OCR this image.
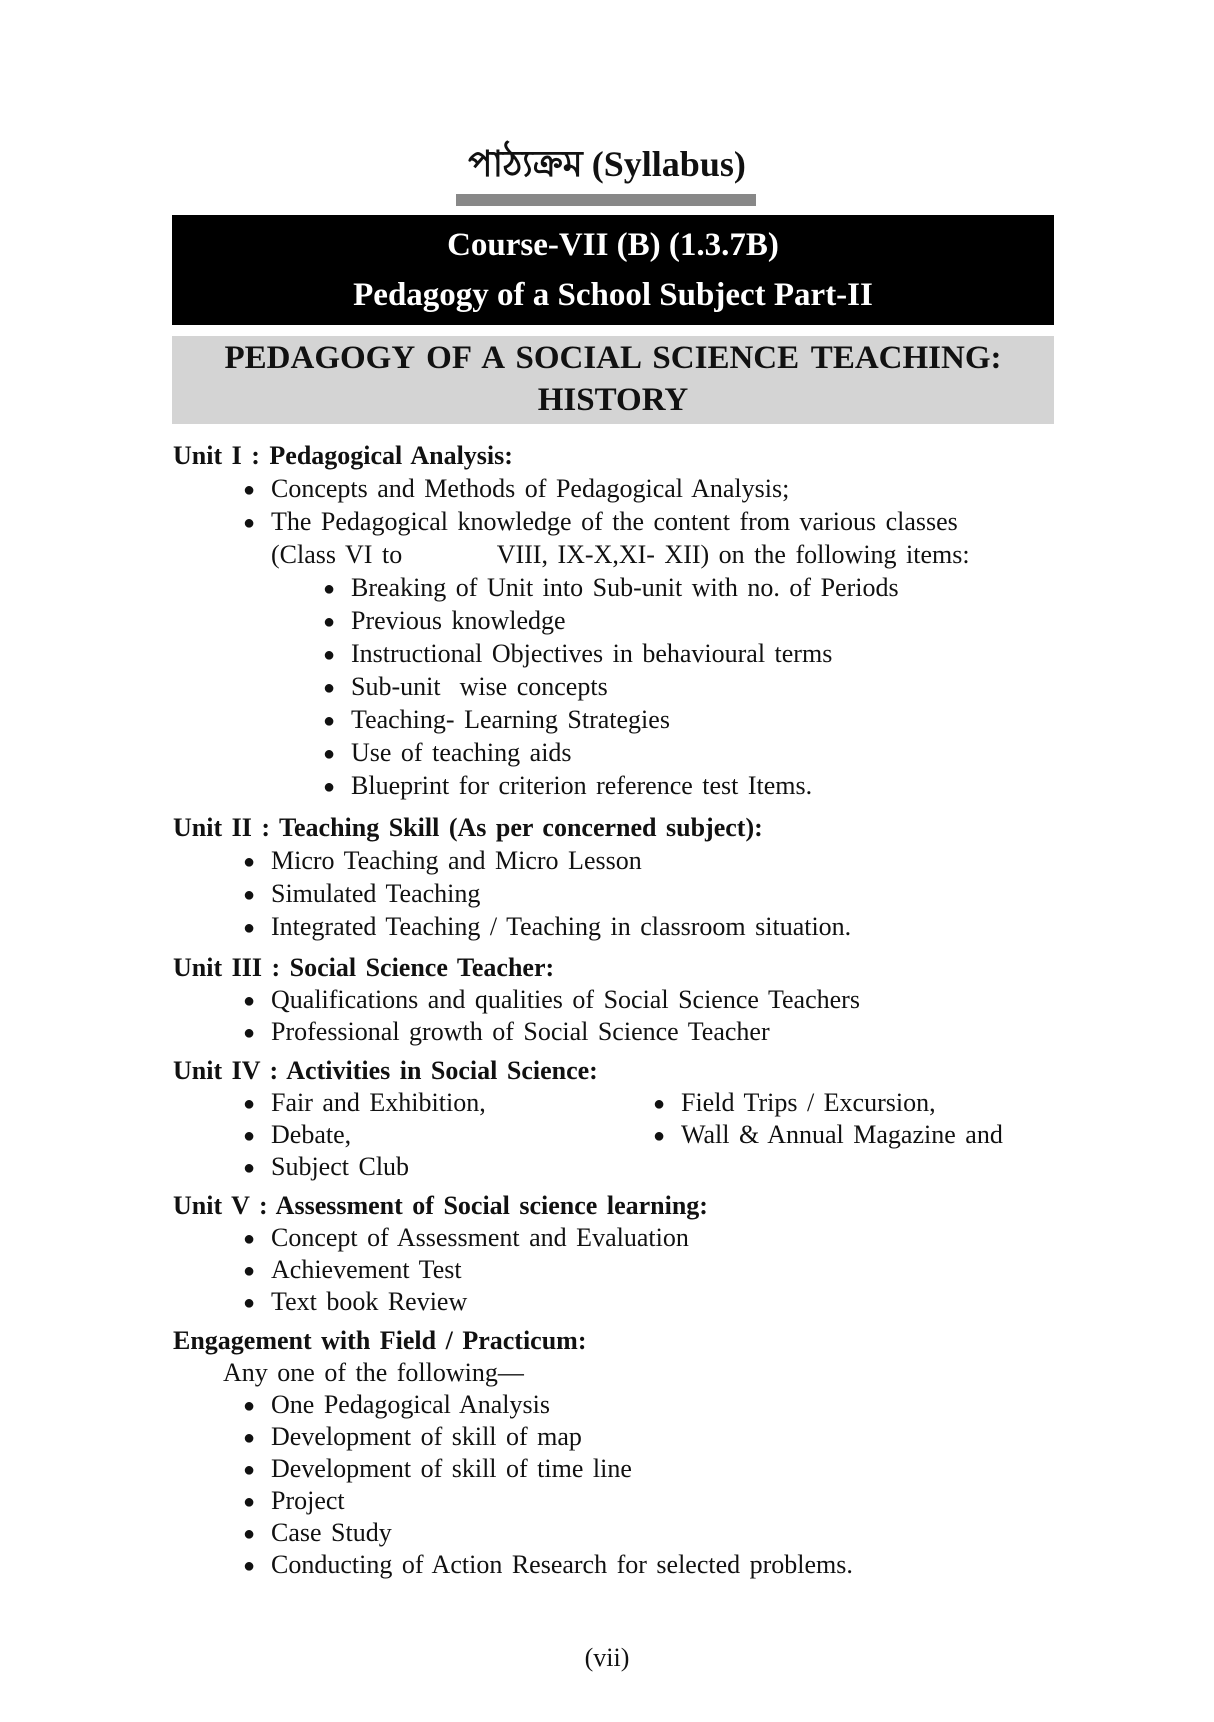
পাঠ্যক্রম (Syllabus)
Course-VII (B) (1.3.7B)
Pedagogy of a School Subject Part-II
PEDAGOGY OF A SOCIAL SCIENCE TEACHING:
HISTORY
Unit I : Pedagogical Analysis:
● Concepts and Methods of Pedagogical Analysis;
● The Pedagogical knowledge of the content from various classes
(Class VI to          VIII, IX-X,XI- XII) on the following items:
● Breaking of Unit into Sub-unit with no. of Periods
● Previous knowledge
● Instructional Objectives in behavioural terms
● Sub-unit  wise concepts
● Teaching- Learning Strategies
● Use of teaching aids
● Blueprint for criterion reference test Items.
Unit II : Teaching Skill (As per concerned subject):
● Micro Teaching and Micro Lesson
● Simulated Teaching
● Integrated Teaching / Teaching in classroom situation.
Unit III : Social Science Teacher:
● Qualifications and qualities of Social Science Teachers
● Professional growth of Social Science Teacher
Unit IV : Activities in Social Science:
● Fair and Exhibition,	● Field Trips / Excursion,
● Debate,	● Wall & Annual Magazine and
● Subject Club
Unit V : Assessment of Social science learning:
● Concept of Assessment and Evaluation
● Achievement Test
● Text book Review
Engagement with Field / Practicum:
Any one of the following—
● One Pedagogical Analysis
● Development of skill of map
● Development of skill of time line
● Project
● Case Study
● Conducting of Action Research for selected problems.
(vii)
